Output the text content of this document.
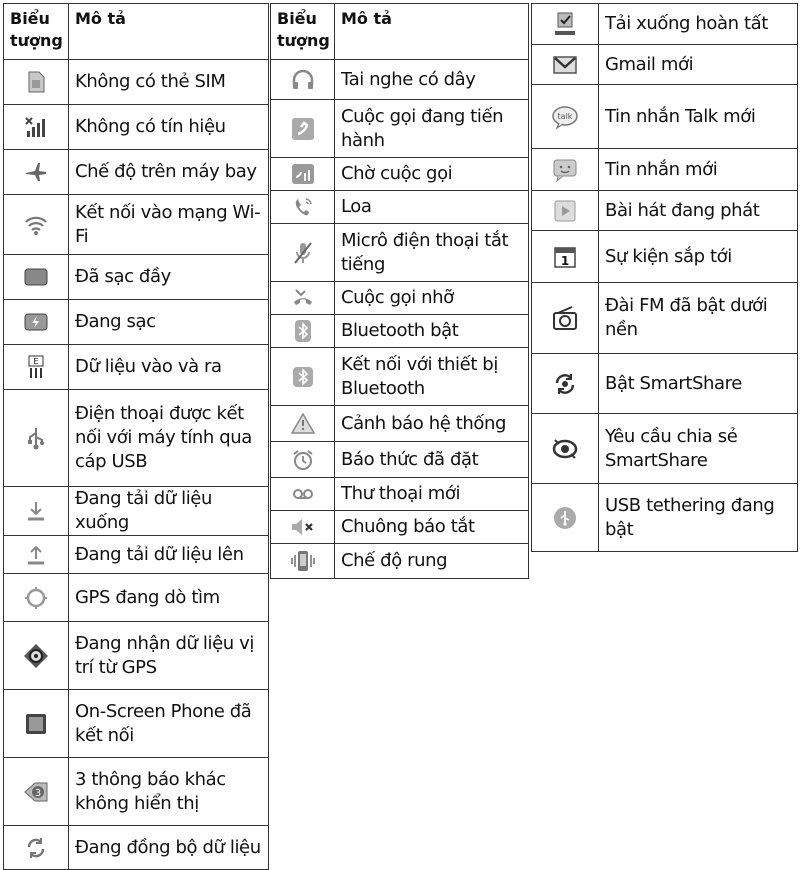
Biểu tượng	Mô tả

	Không có thẻ SIM

	Không có tín hiệu

	Chế độ trên máy bay

	Kết nối vào mạng Wi-Fi

	Đã sạc đầy

	Đang sạc

E	Dữ liệu vào và ra

	Điện thoại được kết nối với máy tính qua cáp USB

	Đang tải dữ liệu xuống

	Đang tải dữ liệu lên

	GPS đang dò tìm

	Đang nhận dữ liệu vị trí từ GPS

	On-Screen Phone đã kết nối

3	3 thông báo khác không hiển thị

	Đang đồng bộ dữ liệu
Biểu tượng	Mô tả

	Tai nghe có dây

	Cuộc gọi đang tiến hành

	Chờ cuộc gọi

	Loa

	Micrô điện thoại tắt tiếng

	Cuộc gọi nhỡ

	Bluetooth bật

	Kết nối với thiết bị Bluetooth

	Cảnh báo hệ thống

	Báo thức đã đặt

	Thư thoại mới

	Chuông báo tắt

	Chế độ rung
	Tải xuống hoàn tất

	Gmail mới

talk	Tin nhắn Talk mới

	Tin nhắn mới

	Bài hát đang phát

1	Sự kiện sắp tới

	Đài FM đã bật dưới nền

	Bật SmartShare

	Yêu cầu chia sẻ SmartShare

	USB tethering đang bật
